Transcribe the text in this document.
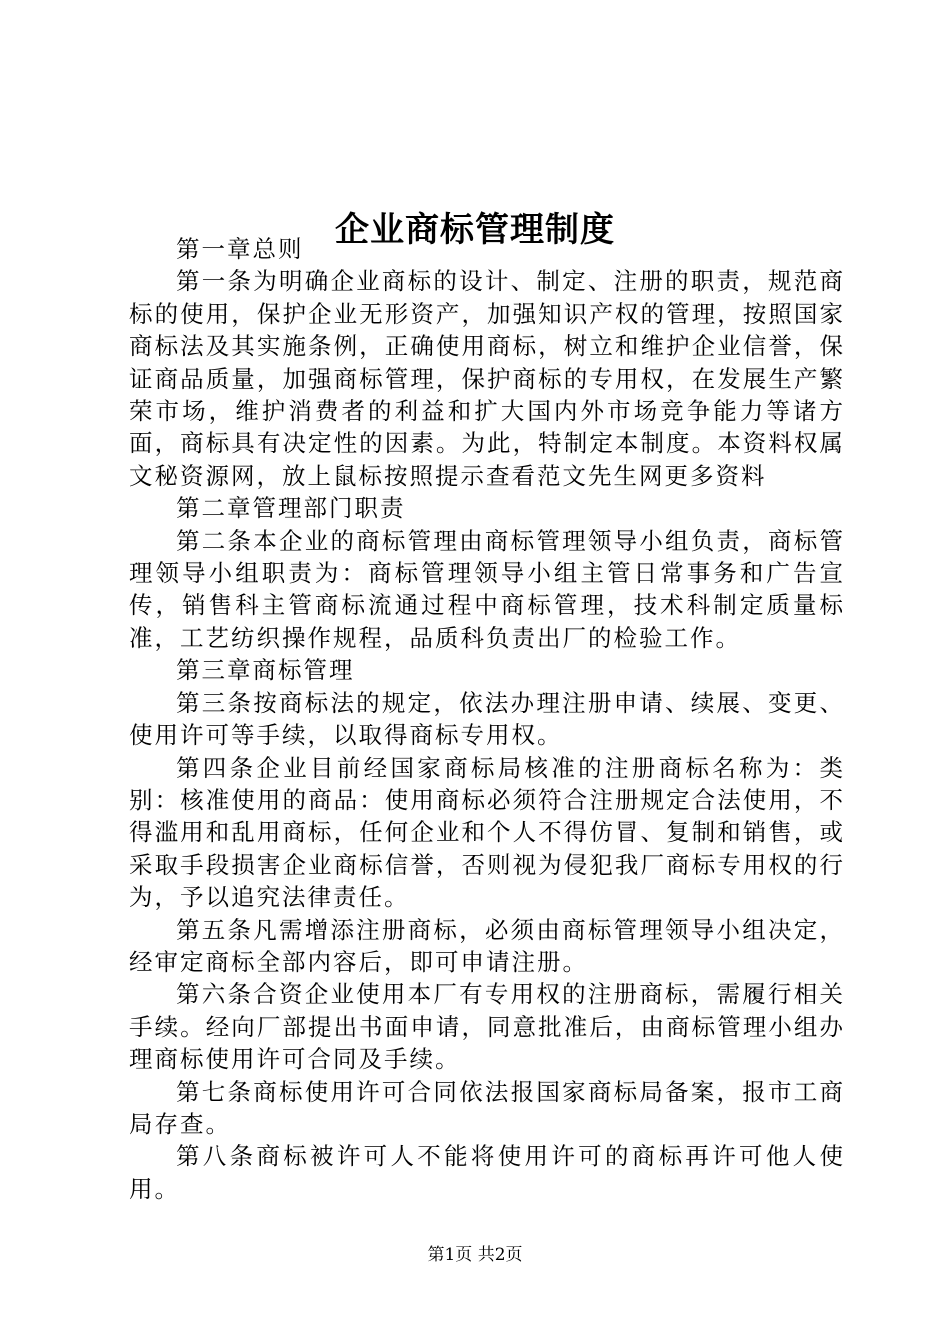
企业商标管理制度

第一章总则

第一条为明确企业商标的设计、制定、注册的职责，规范商标的使用，保护企业无形资产，加强知识产权的管理，按照国家商标法及其实施条例，正确使用商标，树立和维护企业信誉，保证商品质量，加强商标管理，保护商标的专用权，在发展生产繁荣市场，维护消费者的利益和扩大国内外市场竞争能力等诸方面，商标具有决定性的因素。为此，特制定本制度。本资料权属文秘资源网，放上鼠标按照提示查看范文先生网更多资料

第二章管理部门职责

第二条本企业的商标管理由商标管理领导小组负责，商标管理领导小组职责为：商标管理领导小组主管日常事务和广告宣传，销售科主管商标流通过程中商标管理，技术科制定质量标准，工艺纺织操作规程，品质科负责出厂的检验工作。

第三章商标管理

第三条按商标法的规定，依法办理注册申请、续展、变更、使用许可等手续，以取得商标专用权。

第四条企业目前经国家商标局核准的注册商标名称为：类别：核准使用的商品：使用商标必须符合注册规定合法使用，不得滥用和乱用商标，任何企业和个人不得仿冒、复制和销售，或采取手段损害企业商标信誉，否则视为侵犯我厂商标专用权的行为，予以追究法律责任。

第五条凡需增添注册商标，必须由商标管理领导小组决定，经审定商标全部内容后，即可申请注册。

第六条合资企业使用本厂有专用权的注册商标，需履行相关手续。经向厂部提出书面申请，同意批准后，由商标管理小组办理商标使用许可合同及手续。

第七条商标使用许可合同依法报国家商标局备案，报市工商局存查。

第八条商标被许可人不能将使用许可的商标再许可他人使用。

第1页 共2页
